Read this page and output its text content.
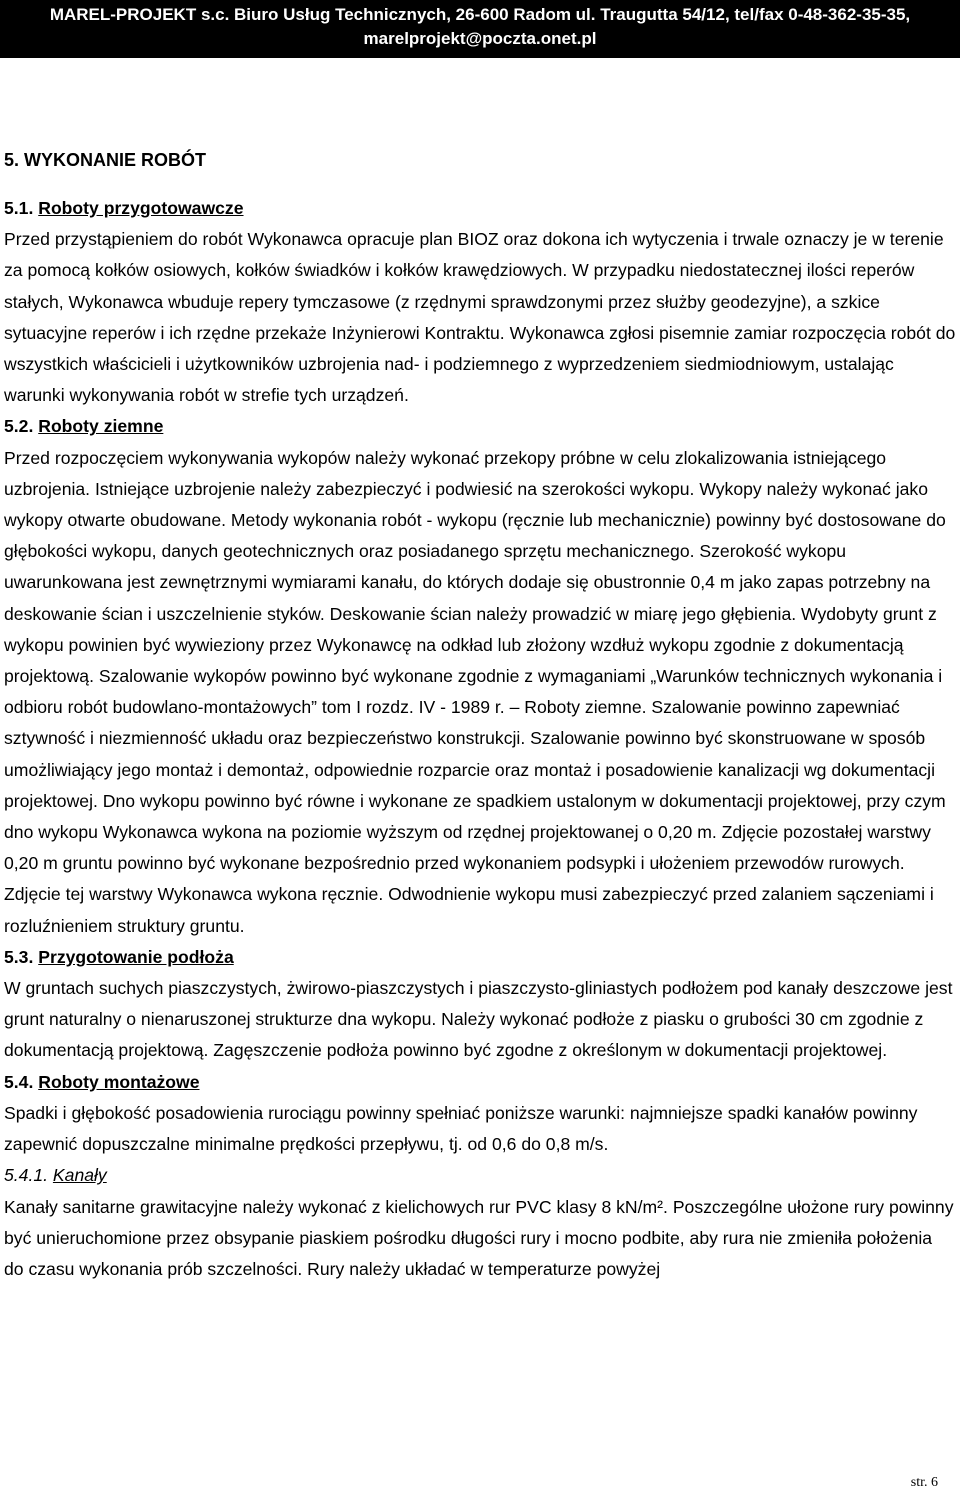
MAREL-PROJEKT s.c. Biuro Usług Technicznych, 26-600 Radom ul. Traugutta 54/12, tel/fax 0-48-362-35-35,
marelprojekt@poczta.onet.pl

5. WYKONANIE ROBÓT

5.1. Roboty przygotowawcze

Przed przystąpieniem do robót Wykonawca opracuje plan BIOZ oraz dokona ich wytyczenia i trwale oznaczy je w terenie za pomocą kołków osiowych, kołków świadków i kołków krawędziowych. W przypadku niedostatecznej ilości reperów stałych, Wykonawca wbuduje repery tymczasowe (z rzędnymi sprawdzonymi przez służby geodezyjne), a szkice sytuacyjne reperów i ich rzędne przekaże Inżynierowi Kontraktu. Wykonawca zgłosi pisemnie zamiar rozpoczęcia robót do wszystkich właścicieli i użytkowników uzbrojenia nad- i podziemnego z wyprzedzeniem siedmiodniowym, ustalając warunki wykonywania robót w strefie tych urządzeń.

5.2. Roboty ziemne

Przed rozpoczęciem wykonywania wykopów należy wykonać przekopy próbne w celu zlokalizowania istniejącego uzbrojenia. Istniejące uzbrojenie należy zabezpieczyć i podwiesić na szerokości wykopu. Wykopy należy wykonać jako wykopy otwarte obudowane. Metody wykonania robót - wykopu (ręcznie lub mechanicznie) powinny być dostosowane do głębokości wykopu, danych geotechnicznych oraz posiadanego sprzętu mechanicznego. Szerokość wykopu uwarunkowana jest zewnętrznymi wymiarami kanału, do których dodaje się obustronnie 0,4 m jako zapas potrzebny na deskowanie ścian i uszczelnienie styków. Deskowanie ścian należy prowadzić w miarę jego głębienia. Wydobyty grunt z wykopu powinien być wywieziony przez Wykonawcę na odkład lub złożony wzdłuż wykopu zgodnie z dokumentacją projektową. Szalowanie wykopów powinno być wykonane zgodnie z wymaganiami „Warunków technicznych wykonania i odbioru robót budowlano-montażowych” tom I rozdz. IV - 1989 r. – Roboty ziemne. Szalowanie powinno zapewniać sztywność i niezmienność układu oraz bezpieczeństwo konstrukcji. Szalowanie powinno być skonstruowane w sposób umożliwiający jego montaż i demontaż, odpowiednie rozparcie oraz montaż i posadowienie kanalizacji wg dokumentacji projektowej. Dno wykopu powinno być równe i wykonane ze spadkiem ustalonym w dokumentacji projektowej, przy czym dno wykopu Wykonawca wykona na poziomie wyższym od rzędnej projektowanej o 0,20 m. Zdjęcie pozostałej warstwy 0,20 m gruntu powinno być wykonane bezpośrednio przed wykonaniem podsypki i ułożeniem przewodów rurowych. Zdjęcie tej warstwy Wykonawca wykona ręcznie. Odwodnienie wykopu musi zabezpieczyć przed zalaniem sączeniami i rozluźnieniem struktury gruntu.

5.3. Przygotowanie podłoża

W gruntach suchych piaszczystych, żwirowo-piaszczystych i piaszczysto-gliniastych podłożem pod kanały deszczowe jest grunt naturalny o nienaruszonej strukturze dna wykopu. Należy wykonać podłoże z piasku o grubości 30 cm zgodnie z dokumentacją projektową. Zagęszczenie podłoża powinno być zgodne z określonym w dokumentacji projektowej.

5.4. Roboty montażowe

Spadki i głębokość posadowienia rurociągu powinny spełniać poniższe warunki: najmniejsze spadki kanałów powinny zapewnić dopuszczalne minimalne prędkości przepływu, tj. od 0,6 do 0,8 m/s.

5.4.1. Kanały

Kanały sanitarne grawitacyjne należy wykonać z kielichowych rur PVC klasy 8 kN/m². Poszczególne ułożone rury powinny być unieruchomione przez obsypanie piaskiem pośrodku długości rury i mocno podbite, aby rura nie zmieniła położenia do czasu wykonania prób szczelności. Rury należy układać w temperaturze powyżej

str. 6
